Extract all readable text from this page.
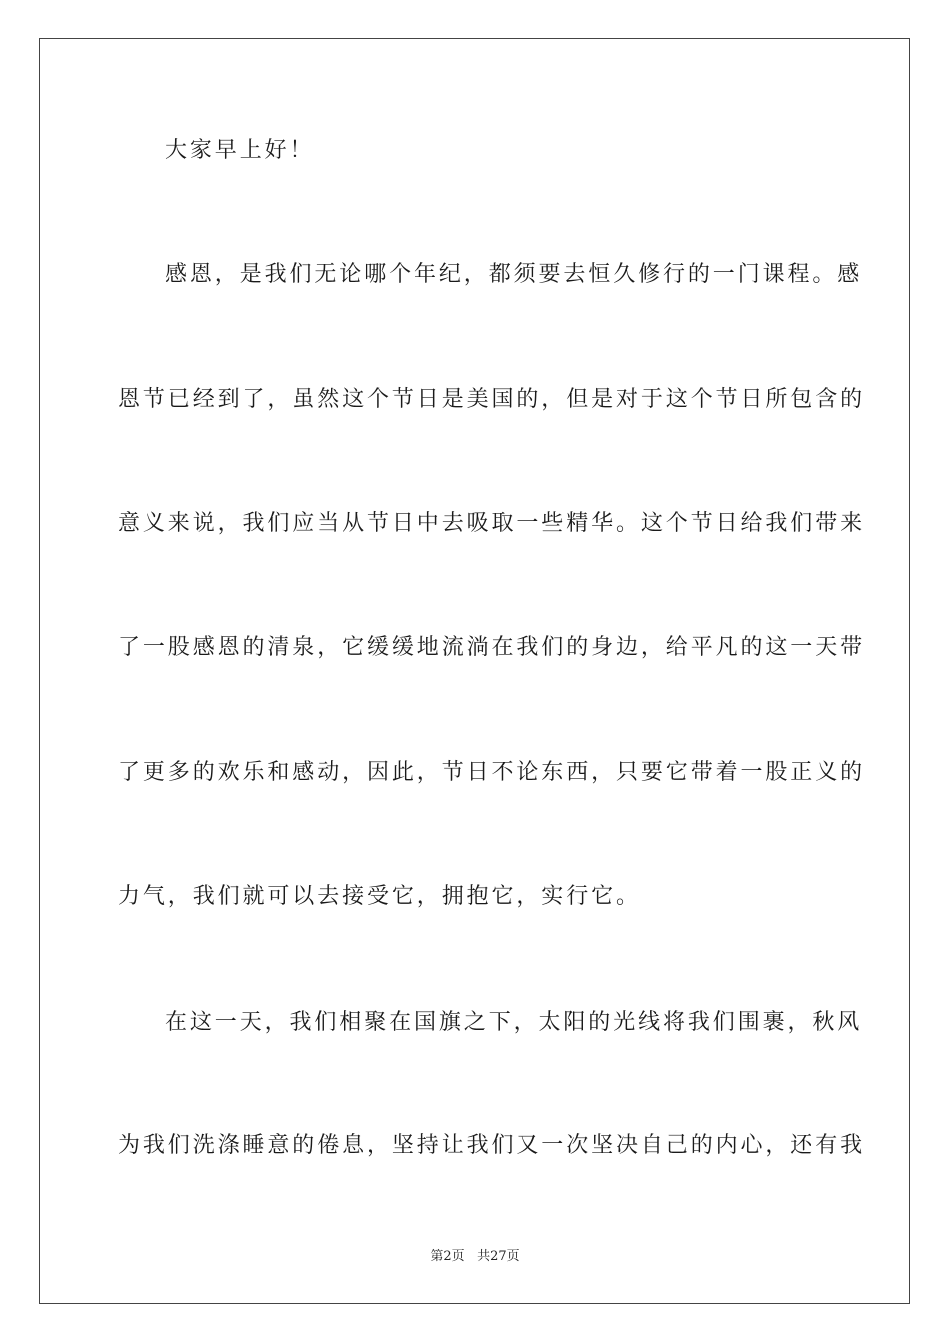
大家早上好！
感恩，是我们无论哪个年纪，都须要去恒久修行的一门课程。感
恩节已经到了，虽然这个节日是美国的，但是对于这个节日所包含的
意义来说，我们应当从节日中去吸取一些精华。这个节日给我们带来
了一股感恩的清泉，它缓缓地流淌在我们的身边，给平凡的这一天带
了更多的欢乐和感动，因此，节日不论东西，只要它带着一股正义的
力气，我们就可以去接受它，拥抱它，实行它。
在这一天，我们相聚在国旗之下，太阳的光线将我们围裹，秋风
为我们洗涤睡意的倦息，坚持让我们又一次坚决自己的内心，还有我
第2页 共27页
